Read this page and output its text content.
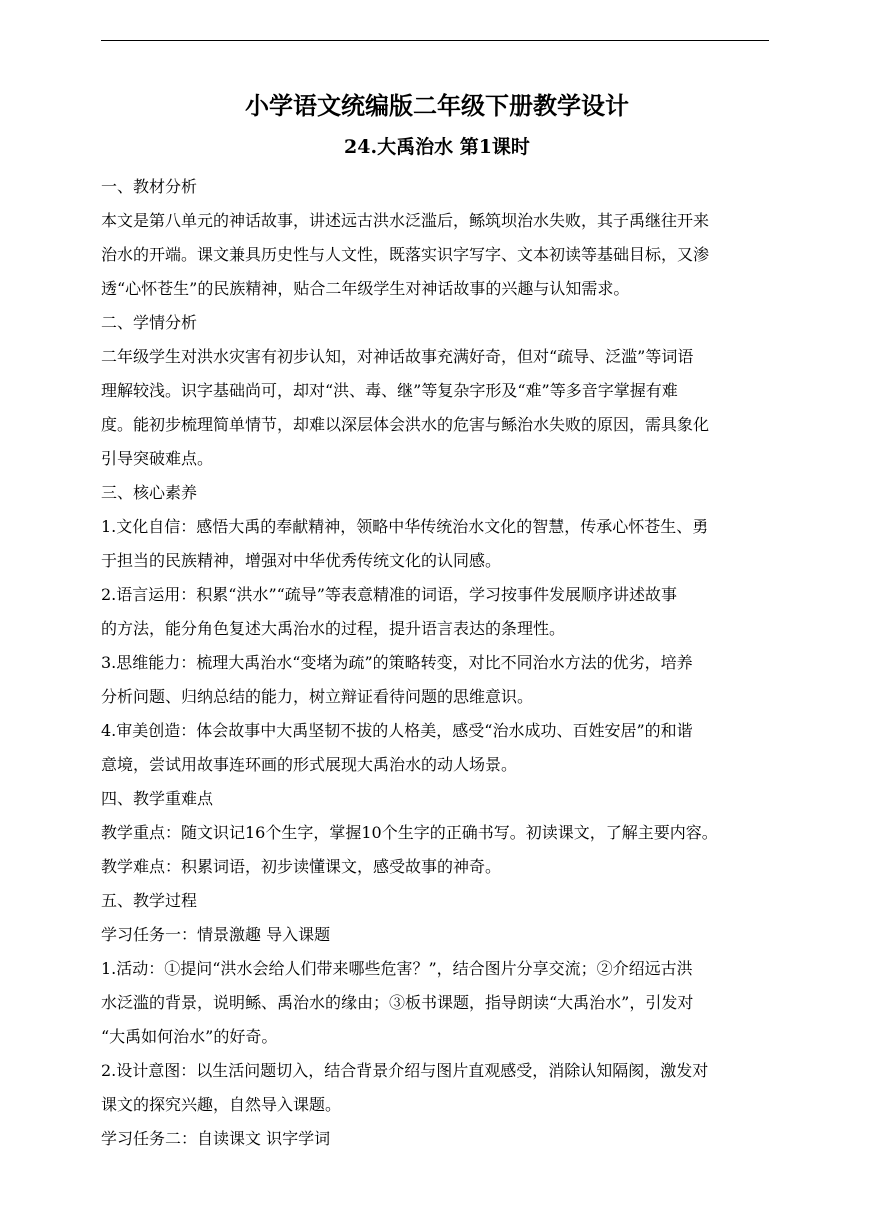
小学语文统编版二年级下册教学设计
24.大禹治水 第1课时

一、教材分析

本文是第八单元的神话故事，讲述远古洪水泛滥后，鲧筑坝治水失败，其子禹继往开来

治水的开端。课文兼具历史性与人文性，既落实识字写字、文本初读等基础目标，又渗

透“心怀苍生”的民族精神，贴合二年级学生对神话故事的兴趣与认知需求。

二、学情分析

二年级学生对洪水灾害有初步认知，对神话故事充满好奇，但对“疏导、泛滥”等词语

理解较浅。识字基础尚可，却对“洪、毒、继”等复杂字形及“难”等多音字掌握有难

度。能初步梳理简单情节，却难以深层体会洪水的危害与鲧治水失败的原因，需具象化

引导突破难点。

三、核心素养

1.文化自信：感悟大禹的奉献精神，领略中华传统治水文化的智慧，传承心怀苍生、勇

于担当的民族精神，增强对中华优秀传统文化的认同感。

2.语言运用：积累“洪水”“疏导”等表意精准的词语，学习按事件发展顺序讲述故事

的方法，能分角色复述大禹治水的过程，提升语言表达的条理性。

3.思维能力：梳理大禹治水“变堵为疏”的策略转变，对比不同治水方法的优劣，培养

分析问题、归纳总结的能力，树立辩证看待问题的思维意识。

4.审美创造：体会故事中大禹坚韧不拔的人格美，感受“治水成功、百姓安居”的和谐

意境，尝试用故事连环画的形式展现大禹治水的动人场景。

四、教学重难点

教学重点：随文识记16个生字，掌握10个生字的正确书写。初读课文，了解主要内容。

教学难点：积累词语，初步读懂课文，感受故事的神奇。

五、教学过程

学习任务一：情景激趣 导入课题

1.活动：①提问“洪水会给人们带来哪些危害？”，结合图片分享交流；②介绍远古洪

水泛滥的背景，说明鲧、禹治水的缘由；③板书课题，指导朗读“大禹治水”，引发对

“大禹如何治水”的好奇。

2.设计意图：以生活问题切入，结合背景介绍与图片直观感受，消除认知隔阂，激发对

课文的探究兴趣，自然导入课题。

学习任务二：自读课文 识字学词
